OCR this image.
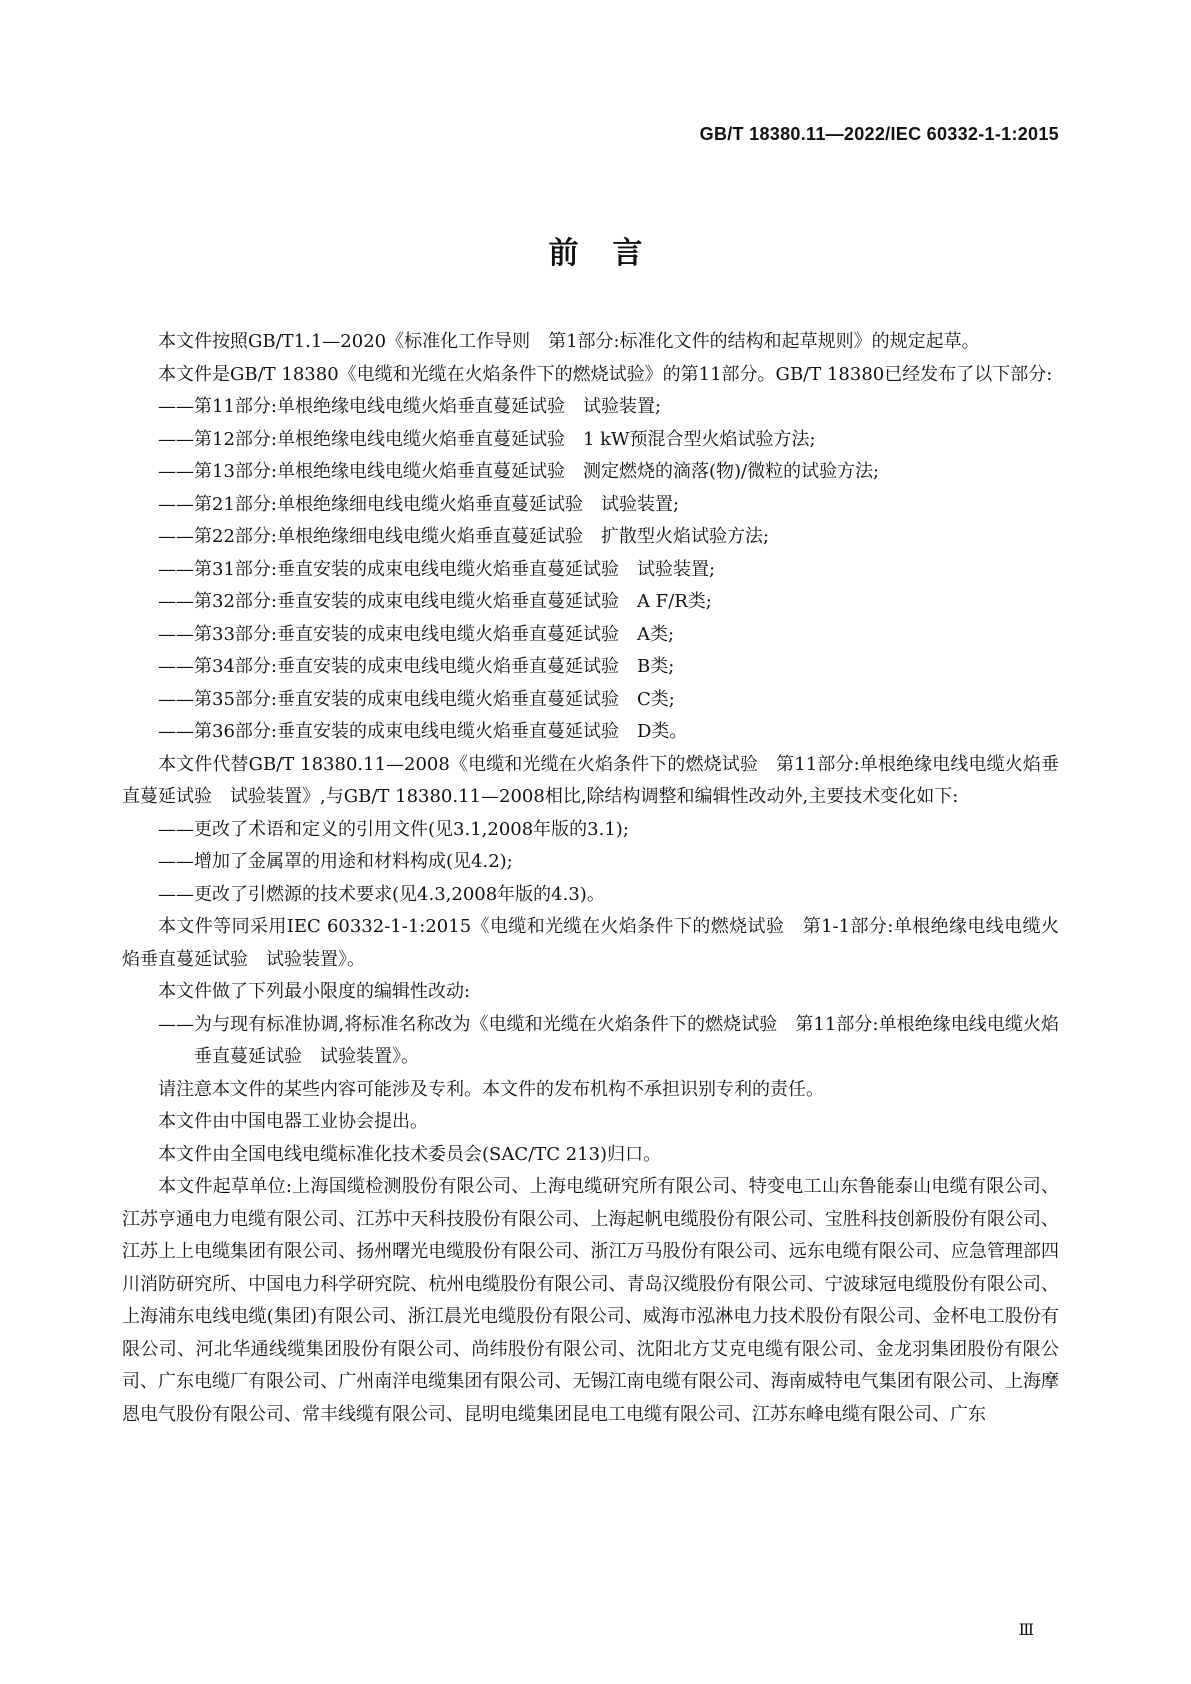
GB/T 18380.11—2022/IEC 60332-1-1:2015
前言

本文件按照GB/T1.1—2020《标准化工作导则　第1部分:标准化文件的结构和起草规则》的规定起草。

本文件是GB/T 18380《电缆和光缆在火焰条件下的燃烧试验》的第11部分。GB/T 18380已经发布了以下部分:

——第11部分:单根绝缘电线电缆火焰垂直蔓延试验　试验装置;

——第12部分:单根绝缘电线电缆火焰垂直蔓延试验　1 kW预混合型火焰试验方法;

——第13部分:单根绝缘电线电缆火焰垂直蔓延试验　测定燃烧的滴落(物)/微粒的试验方法;

——第21部分:单根绝缘细电线电缆火焰垂直蔓延试验　试验装置;

——第22部分:单根绝缘细电线电缆火焰垂直蔓延试验　扩散型火焰试验方法;

——第31部分:垂直安装的成束电线电缆火焰垂直蔓延试验　试验装置;

——第32部分:垂直安装的成束电线电缆火焰垂直蔓延试验　A F/R类;

——第33部分:垂直安装的成束电线电缆火焰垂直蔓延试验　A类;

——第34部分:垂直安装的成束电线电缆火焰垂直蔓延试验　B类;

——第35部分:垂直安装的成束电线电缆火焰垂直蔓延试验　C类;

——第36部分:垂直安装的成束电线电缆火焰垂直蔓延试验　D类。

本文件代替GB/T 18380.11—2008《电缆和光缆在火焰条件下的燃烧试验　第11部分:单根绝缘电线电缆火焰垂直蔓延试验　试验装置》,与GB/T 18380.11—2008相比,除结构调整和编辑性改动外,主要技术变化如下:

——更改了术语和定义的引用文件(见3.1,2008年版的3.1);

——增加了金属罩的用途和材料构成(见4.2);

——更改了引燃源的技术要求(见4.3,2008年版的4.3)。

本文件等同采用IEC 60332-1-1:2015《电缆和光缆在火焰条件下的燃烧试验　第1-1部分:单根绝缘电线电缆火焰垂直蔓延试验　试验装置》。

本文件做了下列最小限度的编辑性改动:

——为与现有标准协调,将标准名称改为《电缆和光缆在火焰条件下的燃烧试验　第11部分:单根绝缘电线电缆火焰垂直蔓延试验　试验装置》。

请注意本文件的某些内容可能涉及专利。本文件的发布机构不承担识别专利的责任。

本文件由中国电器工业协会提出。

本文件由全国电线电缆标准化技术委员会(SAC/TC 213)归口。

本文件起草单位:上海国缆检测股份有限公司、上海电缆研究所有限公司、特变电工山东鲁能泰山电缆有限公司、江苏亨通电力电缆有限公司、江苏中天科技股份有限公司、上海起帆电缆股份有限公司、宝胜科技创新股份有限公司、江苏上上电缆集团有限公司、扬州曙光电缆股份有限公司、浙江万马股份有限公司、远东电缆有限公司、应急管理部四川消防研究所、中国电力科学研究院、杭州电缆股份有限公司、青岛汉缆股份有限公司、宁波球冠电缆股份有限公司、上海浦东电线电缆(集团)有限公司、浙江晨光电缆股份有限公司、威海市泓淋电力技术股份有限公司、金杯电工股份有限公司、河北华通线缆集团股份有限公司、尚纬股份有限公司、沈阳北方艾克电缆有限公司、金龙羽集团股份有限公司、广东电缆厂有限公司、广州南洋电缆集团有限公司、无锡江南电缆有限公司、海南威特电气集团有限公司、上海摩恩电气股份有限公司、常丰线缆有限公司、昆明电缆集团昆电工电缆有限公司、江苏东峰电缆有限公司、广东

Ⅲ
